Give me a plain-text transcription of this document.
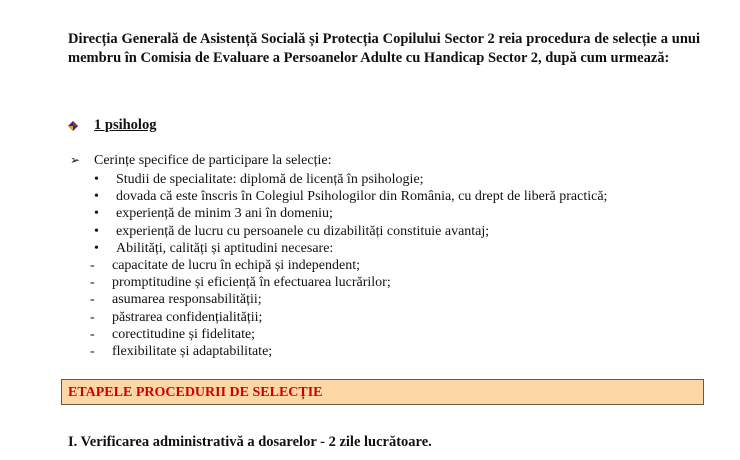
Direcția Generală de Asistență Socială și Protecția Copilului Sector 2 reia procedura de selecție a unui membru în Comisia de Evaluare a Persoanelor Adulte cu Handicap Sector 2, după cum urmează:
1 psiholog
➢ Cerințe specifice de participare la selecție:
• Studii de specialitate: diplomă de licență în psihologie;
• dovada că este înscris în Colegiul Psihologilor din România, cu drept de liberă practică;
• experiență de minim 3 ani în domeniu;
• experiență de lucru cu persoanele cu dizabilități constituie avantaj;
• Abilități, calități și aptitudini necesare:
- capacitate de lucru în echipă și independent;
- promptitudine și eficiență în efectuarea lucrărilor;
- asumarea responsabilității;
- păstrarea confidențialității;
- corectitudine și fidelitate;
- flexibilitate și adaptabilitate;
ETAPELE PROCEDURII DE SELECȚIE
I. Verificarea administrativă a dosarelor - 2 zile lucrătoare.
